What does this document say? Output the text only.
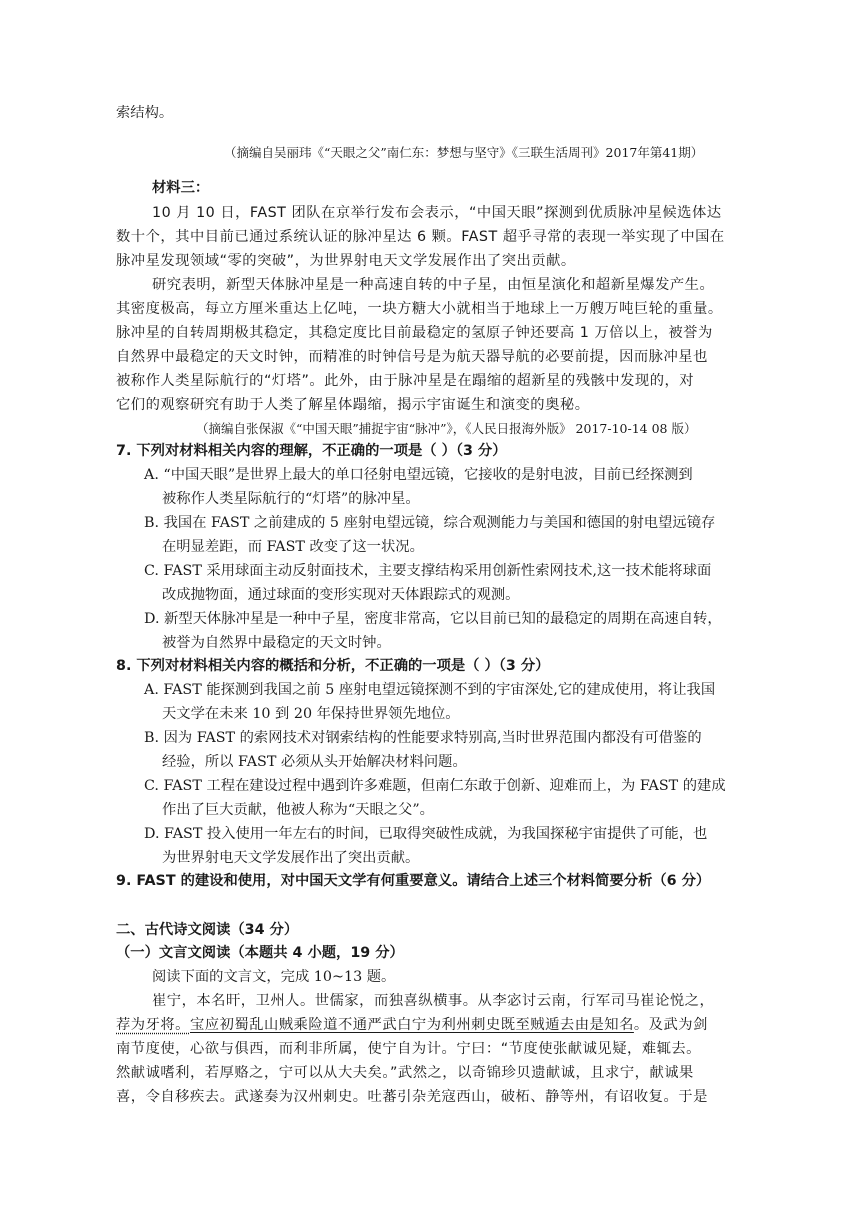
索结构。
（摘编自吴丽玮《“天眼之父”南仁东：梦想与坚守》《三联生活周刊》2017年第41期）
材料三：
10 月 10 日，FAST 团队在京举行发布会表示，“中国天眼”探测到优质脉冲星候选体达
数十个，其中目前已通过系统认证的脉冲星达 6 颗。FAST 超乎寻常的表现一举实现了中国在
脉冲星发现领域“零的突破”，为世界射电天文学发展作出了突出贡献。
研究表明，新型天体脉冲星是一种高速自转的中子星，由恒星演化和超新星爆发产生。
其密度极高，每立方厘米重达上亿吨，一块方糖大小就相当于地球上一万艘万吨巨轮的重量。
脉冲星的自转周期极其稳定，其稳定度比目前最稳定的氢原子钟还要高 1 万倍以上，被誉为
自然界中最稳定的天文时钟，而精准的时钟信号是为航天器导航的必要前提，因而脉冲星也
被称作人类星际航行的“灯塔”。此外，由于脉冲星是在蹋缩的超新星的残骸中发现的，对
它们的观察研究有助于人类了解星体蹋缩，揭示宇宙诞生和演变的奥秘。
（摘编自张保淑《“中国天眼”捕捉宇宙“脉冲”》，《人民日报海外版》 2017-10-14 08 版）
7. 下列对材料相关内容的理解，不正确的一项是（ ）（3 分）
A. “中国天眼”是世界上最大的单口径射电望远镜，它接收的是射电波，目前已经探测到
被称作人类星际航行的“灯塔”的脉冲星。
B. 我国在 FAST 之前建成的 5 座射电望远镜，综合观测能力与美国和德国的射电望远镜存
在明显差距，而 FAST 改变了这一状况。
C. FAST 采用球面主动反射面技术，主要支撑结构采用创新性索网技术,这一技术能将球面
改成抛物面，通过球面的变形实现对天体跟踪式的观测。
D. 新型天体脉冲星是一种中子星，密度非常高，它以目前已知的最稳定的周期在高速自转，
被誉为自然界中最稳定的天文时钟。
8. 下列对材料相关内容的概括和分析，不正确的一项是（ ）（3 分）
A. FAST 能探测到我国之前 5 座射电望远镜探测不到的宇宙深处,它的建成使用，将让我国
天文学在未来 10 到 20 年保持世界领先地位。
B. 因为 FAST 的索网技术对钢索结构的性能要求特别高,当时世界范围内都没有可借鉴的
经验，所以 FAST 必须从头开始解决材料问题。
C. FAST 工程在建设过程中遇到许多难题，但南仁东敢于创新、迎难而上，为 FAST 的建成
作出了巨大贡献，他被人称为“天眼之父”。
D. FAST 投入使用一年左右的时间，已取得突破性成就，为我国探秘宇宙提供了可能，也
为世界射电天文学发展作出了突出贡献。
9. FAST 的建设和使用，对中国天文学有何重要意义。请结合上述三个材料简要分析（6 分）
二、古代诗文阅读（34 分）
（一）文言文阅读（本题共 4 小题，19 分）
阅读下面的文言文，完成 10~13 题。
崔宁，本名旰，卫州人。世儒家，而独喜纵横事。从李宓讨云南，行军司马崔论悦之，
荐为牙将。宝应初蜀乱山贼乘险道不通严武白宁为利州刺史既至贼遁去由是知名。及武为剑
南节度使，心欲与俱西，而利非所属，使宁自为计。宁曰：“节度使张献诚见疑，难辄去。
然献诚嗜利，若厚赂之，宁可以从大夫矣。”武然之，以奇锦珍贝遗献诚，且求宁，献诚果
喜，令自移疾去。武遂奏为汉州刺史。吐蕃引杂羌寇西山，破柘、静等州，有诏收复。于是
